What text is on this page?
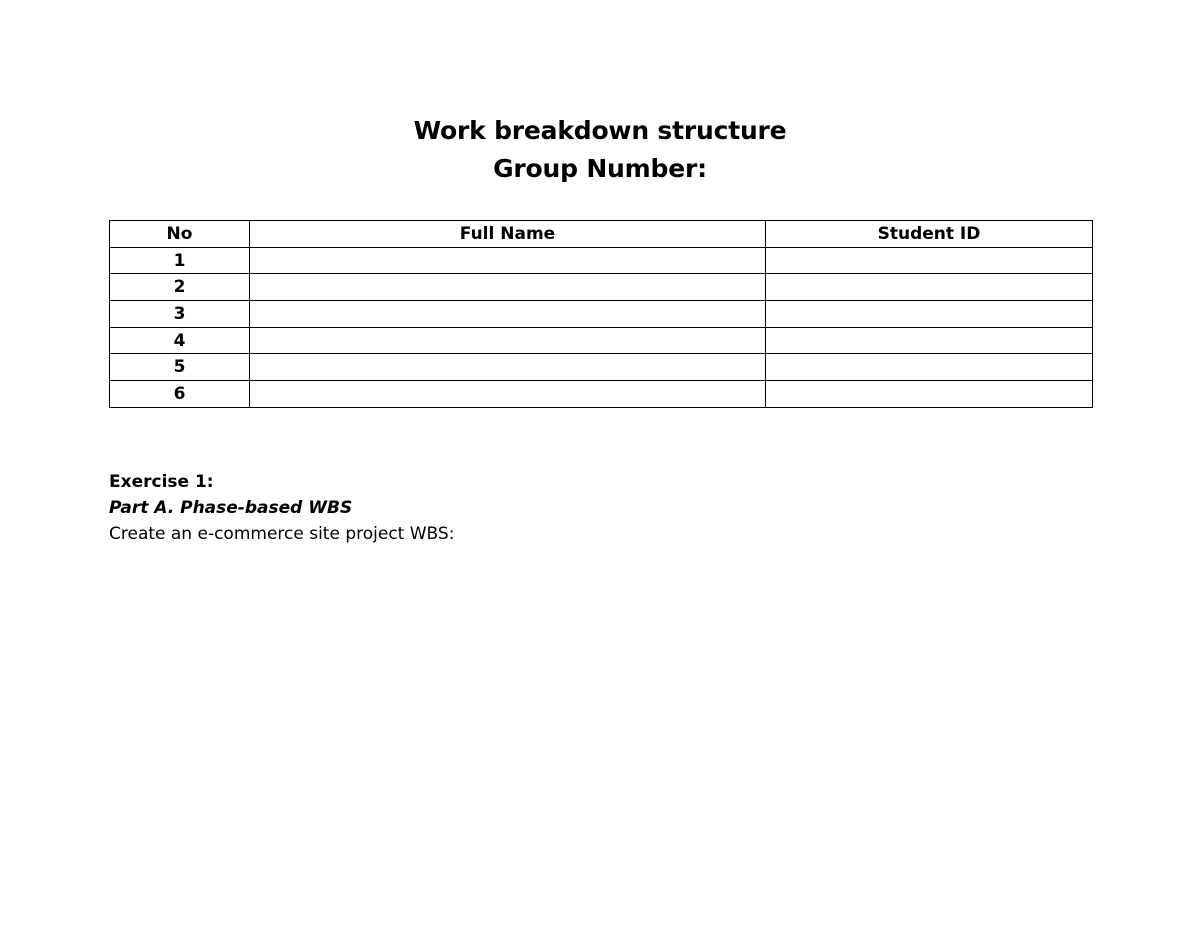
Work breakdown structure
Group Number:
No	Full Name	Student ID
1		
2		
3		
4		
5		
6		
Exercise 1:
Part A. Phase-based WBS
Create an e-commerce site project WBS:
